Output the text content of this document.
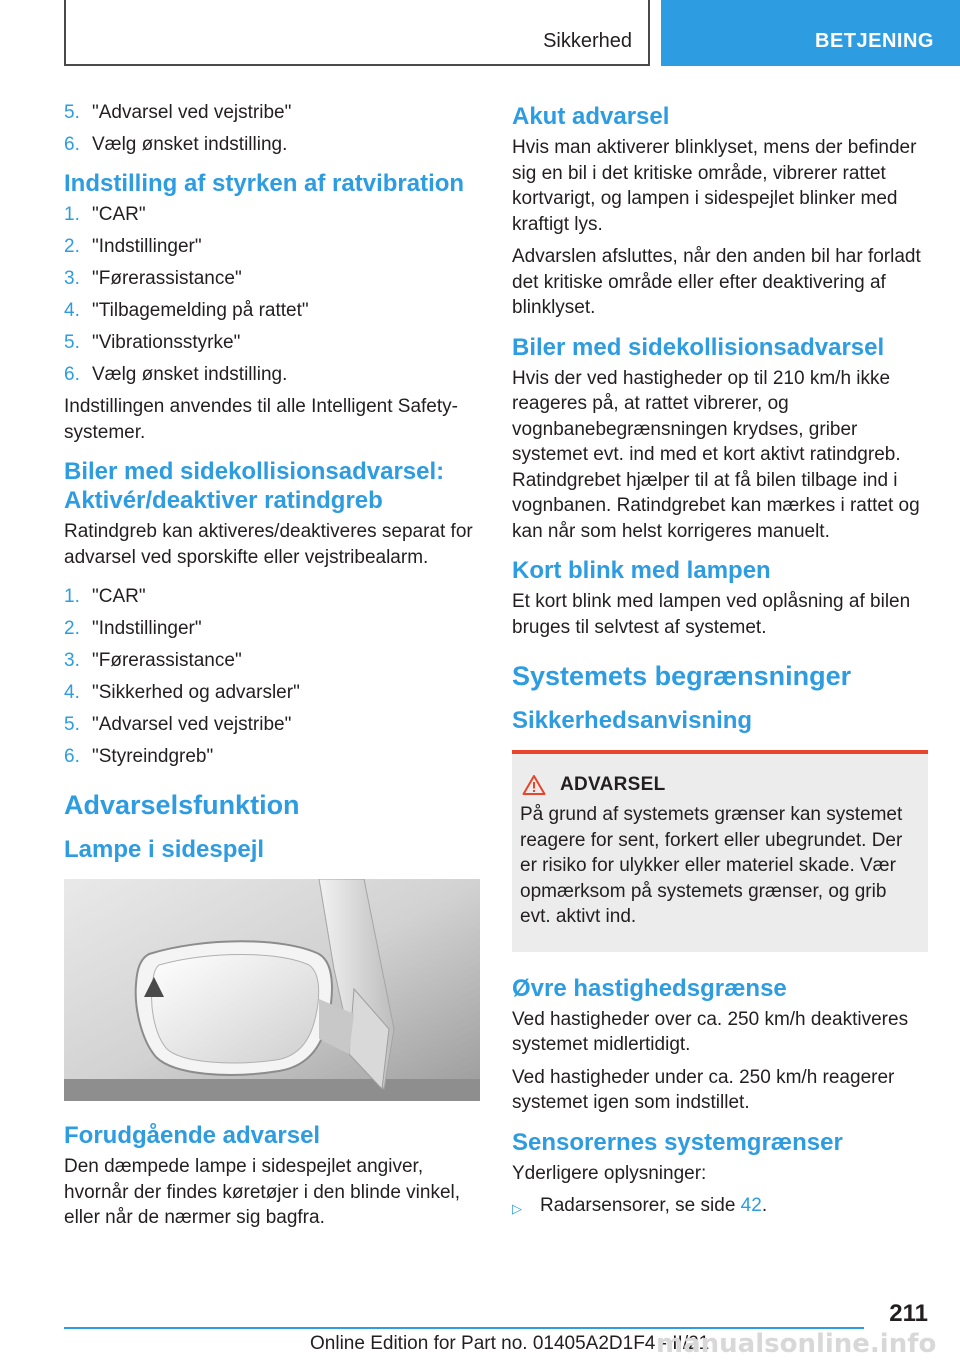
Sikkerhed	BETJENING
5. "Advarsel ved vejstribe"
6. Vælg ønsket indstilling.
Indstilling af styrken af ratvibration
1. "CAR"
2. "Indstillinger"
3. "Førerassistance"
4. "Tilbagemelding på rattet"
5. "Vibrationsstyrke"
6. Vælg ønsket indstilling.

Indstillingen anvendes til alle Intelligent Safety-systemer.

Biler med sidekollisionsadvarsel: Aktivér/deaktiver ratindgreb

Ratindgreb kan aktiveres/deaktiveres separat for advarsel ved sporskifte eller vejstribealarm.

1. "CAR"
2. "Indstillinger"
3. "Førerassistance"
4. "Sikkerhed og advarsler"
5. "Advarsel ved vejstribe"
6. "Styreindgreb"
Advarselsfunktion
Lampe i sidespejl
Forudgående advarsel

Den dæmpede lampe i sidespejlet angiver, hvornår der findes køretøjer i den blinde vinkel, eller når de nærmer sig bagfra.

Akut advarsel

Hvis man aktiverer blinklyset, mens der befinder sig en bil i det kritiske område, vibrerer rattet kortvarigt, og lampen i sidespejlet blinker med kraftigt lys.

Advarslen afsluttes, når den anden bil har forladt det kritiske område eller efter deaktivering af blinklyset.

Biler med sidekollisionsadvarsel

Hvis der ved hastigheder op til 210 km/h ikke reageres på, at rattet vibrerer, og vognbanebegrænsningen krydses, griber systemet evt. ind med et kort aktivt ratindgreb. Ratindgrebet hjælper til at få bilen tilbage ind i vognbanen. Ratindgrebet kan mærkes i rattet og kan når som helst korrigeres manuelt.

Kort blink med lampen

Et kort blink med lampen ved oplåsning af bilen bruges til selvtest af systemet.

Systemets begrænsninger
Sikkerhedsanvisning
ADVARSEL

På grund af systemets grænser kan systemet reagere for sent, forkert eller ubegrundet. Der er risiko for ulykker eller materiel skade. Vær opmærksom på systemets grænser, og grib evt. aktivt ind.

Øvre hastighedsgrænse

Ved hastigheder over ca. 250 km/h deaktiveres systemet midlertidigt.

Ved hastigheder under ca. 250 km/h reagerer systemet igen som indstillet.

Sensorernes systemgrænser

Yderligere oplysninger:

▷ Radarsensorer, se side 42.
211
Online Edition for Part no. 01405A2D1F4 - II/21
manualsonline.info
